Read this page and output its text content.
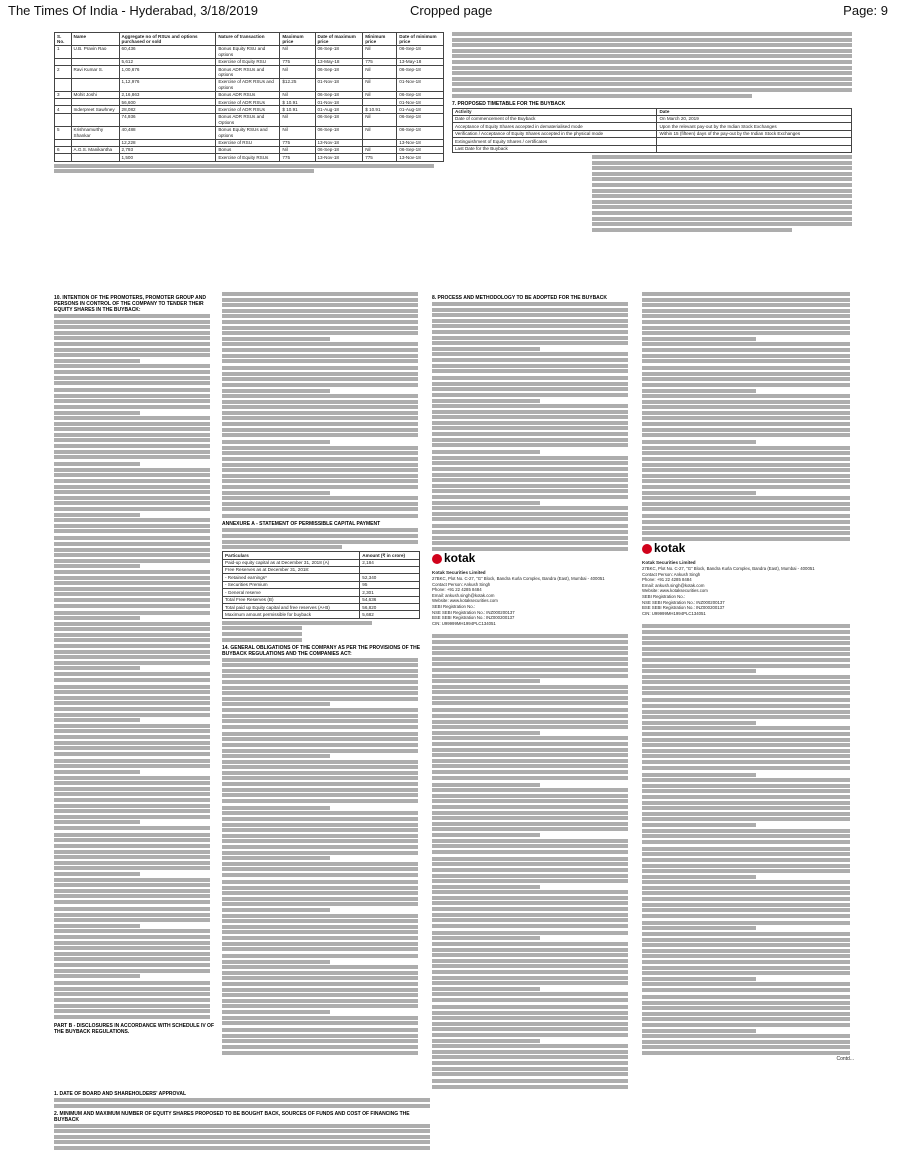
The Times Of India - Hyderabad, 3/18/2019	Cropped page	Page: 9
S. No.	Name	Aggregate no of RSUs and options purchased or sold	Nature of transaction	Maximum price	Date of maximum price	Minimum price	Date of minimum price
1	U.B. Pravin Rao	60,436	Bonus Equity RSU and options	Nil	06-Sep-18	Nil	06-Sep-18
		5,612	Exercise of Equity RSU	775	13-May-18	775	13-May-18
2	Ravi Kumar S.	1,00,676	Bonus ADR RSUs and options	Nil	06-Sep-18	Nil	06-Sep-18
		1,12,976	Exercise of ADR RSUs and options	$12.25	01-Nov-18	Nil	01-Nov-18
3	Mohit Joshi	2,16,863	Bonus ADR RSUs	Nil	06-Sep-18	Nil	06-Sep-18
		56,600	Exercise of ADR RSUs	$ 10.91	01-Nov-18		01-Nov-18
4	Inderpreet Sawhney	28,082	Exercise of ADR RSUs	$ 10.91	01-Aug-18	$ 10.91	01-Aug-18
		74,936	Bonus ADR RSUs and Options	Nil	06-Sep-18	Nil	06-Sep-18
5	Krishnamurthy Shankar	40,488	Bonus Equity RSUs and options	Nil	06-Sep-18	Nil	06-Sep-18
		12,228	Exercise of RSU	775	13-Nov-18		13-Nov-18
6	A.G.S. Manikantha	2,793	Bonus	Nil	06-Sep-18	Nil	06-Sep-18
		1,500	Exercise of Equity RSUs	775	13-Nov-18	775	13-Nov-18
7. PROPOSED TIMETABLE FOR THE BUYBACK
Activity	Date
Date of commencement of the Buyback	On March 20, 2019
Acceptance of Equity Shares accepted in dematerialised mode	Upon the relevant pay-out by the Indian Stock Exchanges
Verification / Acceptance of Equity Shares accepted in the physical mode	Within 15 (fifteen) days of the pay-out by the Indian Stock Exchanges
Extinguishment of Equity Shares / certificates	
Last Date for the Buyback	
10. INTENTION OF THE PROMOTERS, PROMOTER GROUP AND PERSONS IN CONTROL OF THE COMPANY TO TENDER THEIR EQUITY SHARES IN THE BUYBACK:
PART B - DISCLOSURES IN ACCORDANCE WITH SCHEDULE IV OF THE BUYBACK REGULATIONS.
ANNEXURE A - STATEMENT OF PERMISSIBLE CAPITAL PAYMENT
Particulars	Amount (₹ in crore)
Paid-up equity capital as at December 31, 2018 (A)	2,184
Free Reserves as at December 31, 2018:	
- Retained earnings*	52,340
- Securities Premium	95
- General reserve	2,301
Total Free Reserves (B)	54,636
Total paid up Equity capital and free reserves (A+B)	56,820
Maximum amount permissible for buyback	5,682
14. GENERAL OBLIGATIONS OF THE COMPANY AS PER THE PROVISIONS OF THE BUYBACK REGULATIONS AND THE COMPANIES ACT:
8. PROCESS AND METHODOLOGY TO BE ADOPTED FOR THE BUYBACK
kotak
Kotak Securities Limited
27BKC, Plot No. C-27, "G" Block, Bandra Kurla Complex, Bandra (East), Mumbai - 400051
Contact Person: Ankush Singh
Phone: +91 22 4285 8484
Email: ankush.singh@kotak.com
Website: www.kotaksecurities.com
SEBI Registration No.:
NSE SEBI Registration No.: INZ000200137
BSE SEBI Registration No.: INZ000200137
CIN: U99999MH1994PLC134051
kotak
Kotak Securities Limited
27BKC, Plot No. C-27, "G" Block, Bandra Kurla Complex, Bandra (East), Mumbai - 400051
Contact Person: Ankush Singh
Phone: +91 22 4285 8484
Email: ankush.singh@kotak.com
Website: www.kotaksecurities.com
SEBI Registration No.:
NSE SEBI Registration No.: INZ000200137
BSE SEBI Registration No.: INZ000200137
CIN: U99999MH1994PLC134051
Contd...
1. DATE OF BOARD AND SHAREHOLDERS' APPROVAL
2. MINIMUM AND MAXIMUM NUMBER OF EQUITY SHARES PROPOSED TO BE BOUGHT BACK, SOURCES OF FUNDS AND COST OF FINANCING THE BUYBACK
